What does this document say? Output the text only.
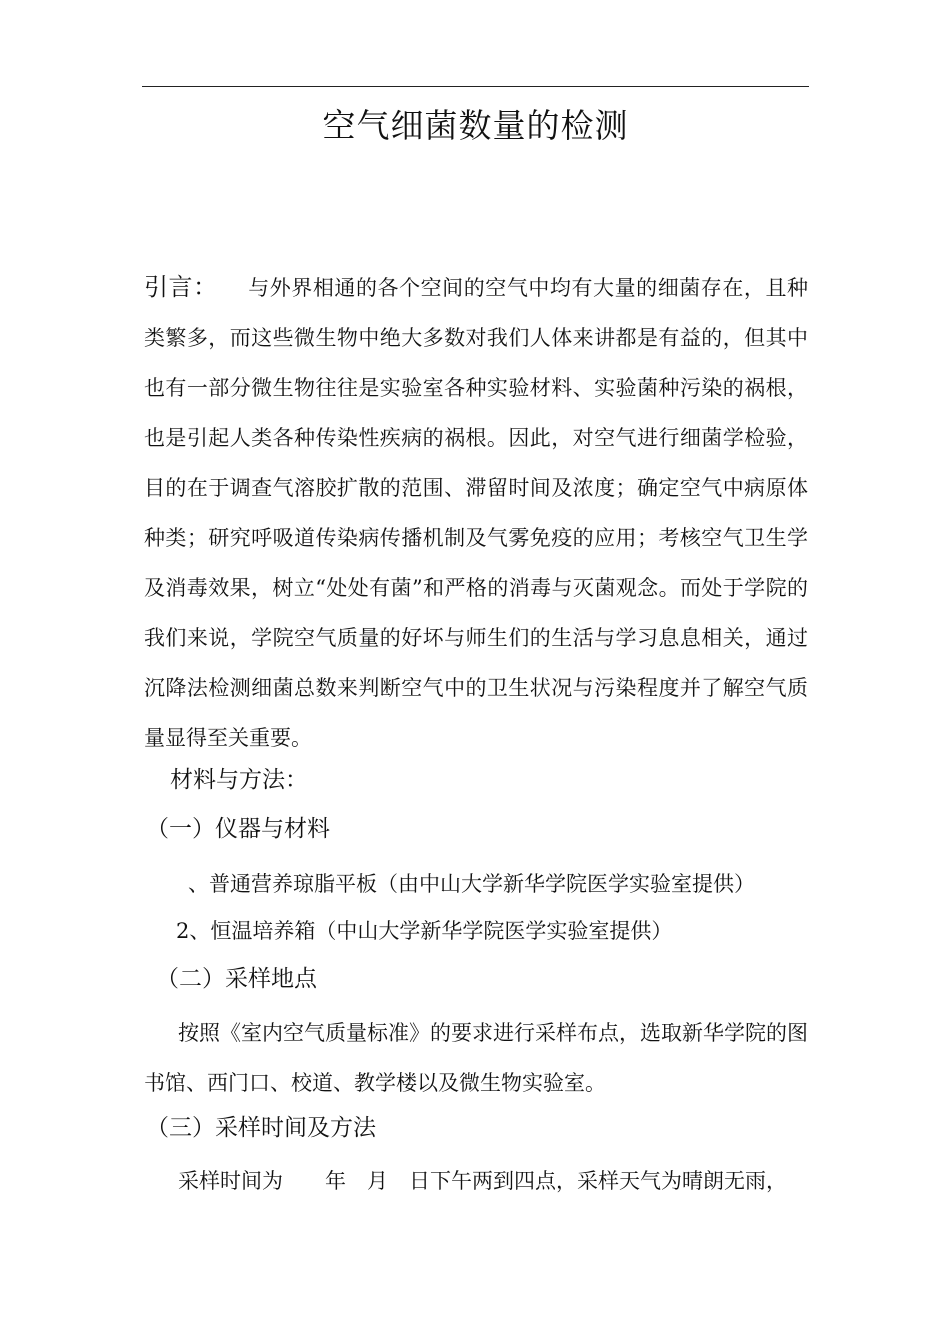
空气细菌数量的检测
引言： 与外界相通的各个空间的空气中均有大量的细菌存在，且种类繁多，而这些微生物中绝大多数对我们人体来讲都是有益的，但其中也有一部分微生物往往是实验室各种实验材料、实验菌种污染的祸根，也是引起人类各种传染性疾病的祸根。因此，对空气进行细菌学检验，目的在于调查气溶胶扩散的范围、滞留时间及浓度；确定空气中病原体种类；研究呼吸道传染病传播机制及气雾免疫的应用；考核空气卫生学及消毒效果，树立“处处有菌”和严格的消毒与灭菌观念。而处于学院的我们来说，学院空气质量的好坏与师生们的生活与学习息息相关，通过沉降法检测细菌总数来判断空气中的卫生状况与污染程度并了解空气质量显得至关重要。
材料与方法：
（一）仪器与材料
、普通营养琼脂平板（由中山大学新华学院医学实验室提供）
2、恒温培养箱（中山大学新华学院医学实验室提供）
（二）采样地点
按照《室内空气质量标准》的要求进行采样布点，选取新华学院的图书馆、西门口、校道、教学楼以及微生物实验室。
（三）采样时间及方法
采样时间为　　年　月　日下午两到四点，采样天气为晴朗无雨，
